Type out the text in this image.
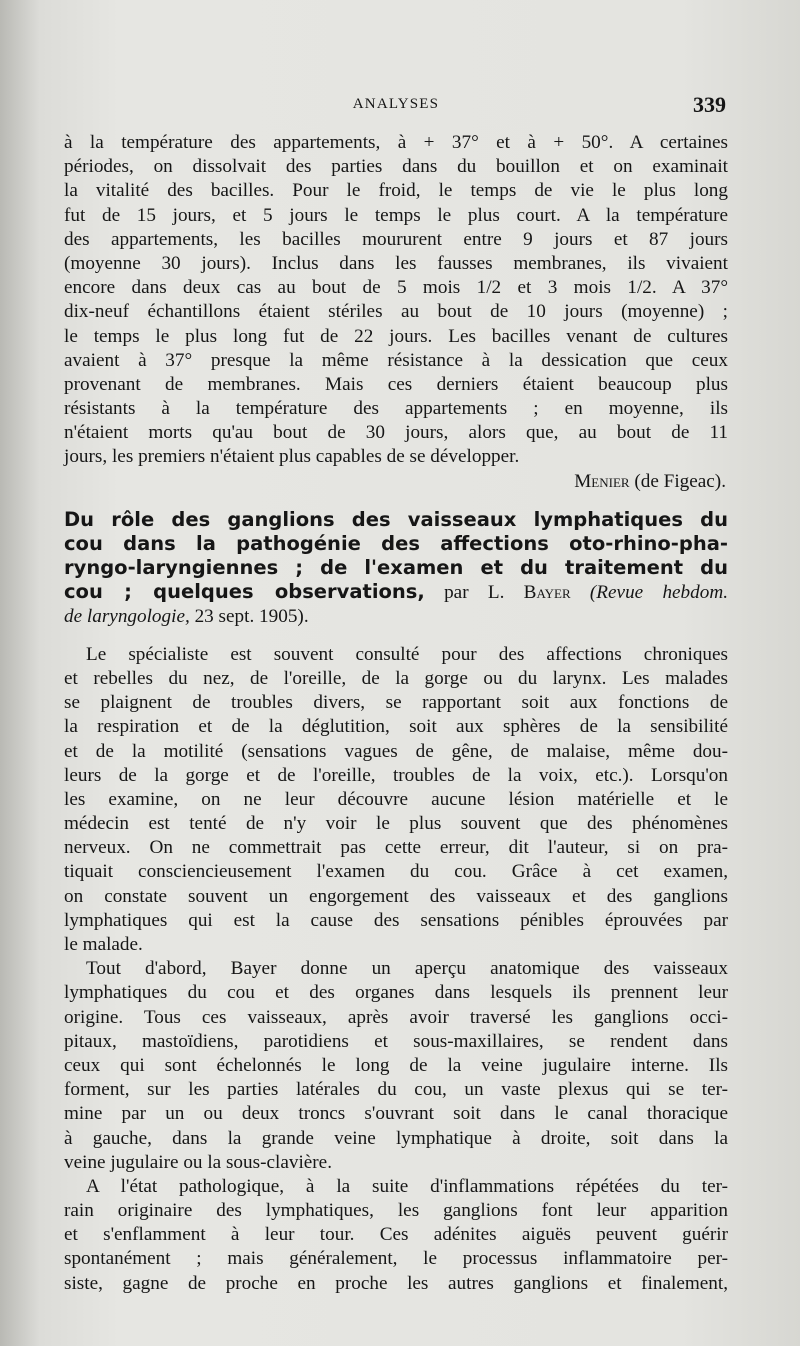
ANALYSES	339
à la température des appartements, à + 37° et à + 50°. A certaines
périodes, on dissolvait des parties dans du bouillon et on examinait
la vitalité des bacilles. Pour le froid, le temps de vie le plus long
fut de 15 jours, et 5 jours le temps le plus court. A la température
des appartements, les bacilles moururent entre 9 jours et 87 jours
(moyenne 30 jours). Inclus dans les fausses membranes, ils vivaient
encore dans deux cas au bout de 5 mois 1/2 et 3 mois 1/2. A 37°
dix-neuf échantillons étaient stériles au bout de 10 jours (moyenne) ;
le temps le plus long fut de 22 jours. Les bacilles venant de cultures
avaient à 37° presque la même résistance à la dessication que ceux
provenant de membranes. Mais ces derniers étaient beaucoup plus
résistants à la température des appartements ; en moyenne, ils
n'étaient morts qu'au bout de 30 jours, alors que, au bout de 11
jours, les premiers n'étaient plus capables de se développer.
Menier (de Figeac).
Du rôle des ganglions des vaisseaux lymphatiques du
cou dans la pathogénie des affections oto-rhino-pha-
ryngo-laryngiennes ; de l'examen et du traitement du
cou ; quelques observations, par L. Bayer (Revue hebdom.
de laryngologie, 23 sept. 1905).
Le spécialiste est souvent consulté pour des affections chroniques
et rebelles du nez, de l'oreille, de la gorge ou du larynx. Les malades
se plaignent de troubles divers, se rapportant soit aux fonctions de
la respiration et de la déglutition, soit aux sphères de la sensibilité
et de la motilité (sensations vagues de gêne, de malaise, même dou-
leurs de la gorge et de l'oreille, troubles de la voix, etc.). Lorsqu'on
les examine, on ne leur découvre aucune lésion matérielle et le
médecin est tenté de n'y voir le plus souvent que des phénomènes
nerveux. On ne commettrait pas cette erreur, dit l'auteur, si on pra-
tiquait consciencieusement l'examen du cou. Grâce à cet examen,
on constate souvent un engorgement des vaisseaux et des ganglions
lymphatiques qui est la cause des sensations pénibles éprouvées par
le malade.
Tout d'abord, Bayer donne un aperçu anatomique des vaisseaux
lymphatiques du cou et des organes dans lesquels ils prennent leur
origine. Tous ces vaisseaux, après avoir traversé les ganglions occi-
pitaux, mastoïdiens, parotidiens et sous-maxillaires, se rendent dans
ceux qui sont échelonnés le long de la veine jugulaire interne. Ils
forment, sur les parties latérales du cou, un vaste plexus qui se ter-
mine par un ou deux troncs s'ouvrant soit dans le canal thoracique
à gauche, dans la grande veine lymphatique à droite, soit dans la
veine jugulaire ou la sous-clavière.
A l'état pathologique, à la suite d'inflammations répétées du ter-
rain originaire des lymphatiques, les ganglions font leur apparition
et s'enflamment à leur tour. Ces adénites aiguës peuvent guérir
spontanément ; mais généralement, le processus inflammatoire per-
siste, gagne de proche en proche les autres ganglions et finalement,
